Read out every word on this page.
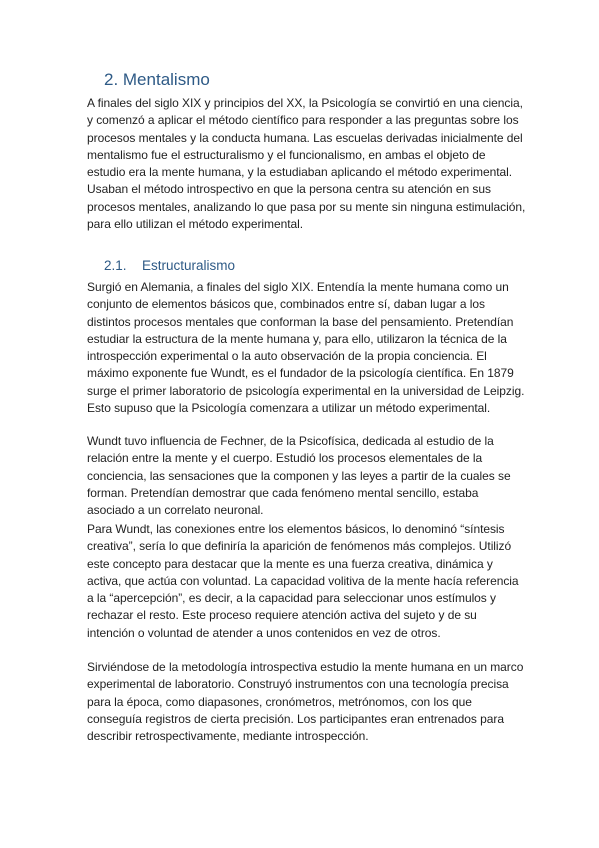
2. Mentalismo

A finales del siglo XIX y principios del XX, la Psicología se convirtió en una ciencia, y comenzó a aplicar el método científico para responder a las preguntas sobre los procesos mentales y la conducta humana. Las escuelas derivadas inicialmente del mentalismo fue el estructuralismo y el funcionalismo, en ambas el objeto de estudio era la mente humana, y la estudiaban aplicando el método experimental. Usaban el método introspectivo en que la persona centra su atención en sus procesos mentales, analizando lo que pasa por su mente sin ninguna estimulación, para ello utilizan el método experimental.

2.1. Estructuralismo

Surgió en Alemania, a finales del siglo XIX. Entendía la mente humana como un conjunto de elementos básicos que, combinados entre sí, daban lugar a los distintos procesos mentales que conforman la base del pensamiento. Pretendían estudiar la estructura de la mente humana y, para ello, utilizaron la técnica de la introspección experimental o la auto observación de la propia conciencia. El máximo exponente fue Wundt, es el fundador de la psicología científica. En 1879 surge el primer laboratorio de psicología experimental en la universidad de Leipzig. Esto supuso que la Psicología comenzara a utilizar un método experimental.

Wundt tuvo influencia de Fechner, de la Psicofísica, dedicada al estudio de la relación entre la mente y el cuerpo. Estudió los procesos elementales de la conciencia, las sensaciones que la componen y las leyes a partir de la cuales se forman. Pretendían demostrar que cada fenómeno mental sencillo, estaba asociado a un correlato neuronal.

Para Wundt, las conexiones entre los elementos básicos, lo denominó “síntesis creativa”, sería lo que definiría la aparición de fenómenos más complejos. Utilizó este concepto para destacar que la mente es una fuerza creativa, dinámica y activa, que actúa con voluntad. La capacidad volitiva de la mente hacía referencia a la “apercepción”, es decir, a la capacidad para seleccionar unos estímulos y rechazar el resto. Este proceso requiere atención activa del sujeto y de su intención o voluntad de atender a unos contenidos en vez de otros.

Sirviéndose de la metodología introspectiva estudio la mente humana en un marco experimental de laboratorio. Construyó instrumentos con una tecnología precisa para la época, como diapasones, cronómetros, metrónomos, con los que conseguía registros de cierta precisión. Los participantes eran entrenados para describir retrospectivamente, mediante introspección.
